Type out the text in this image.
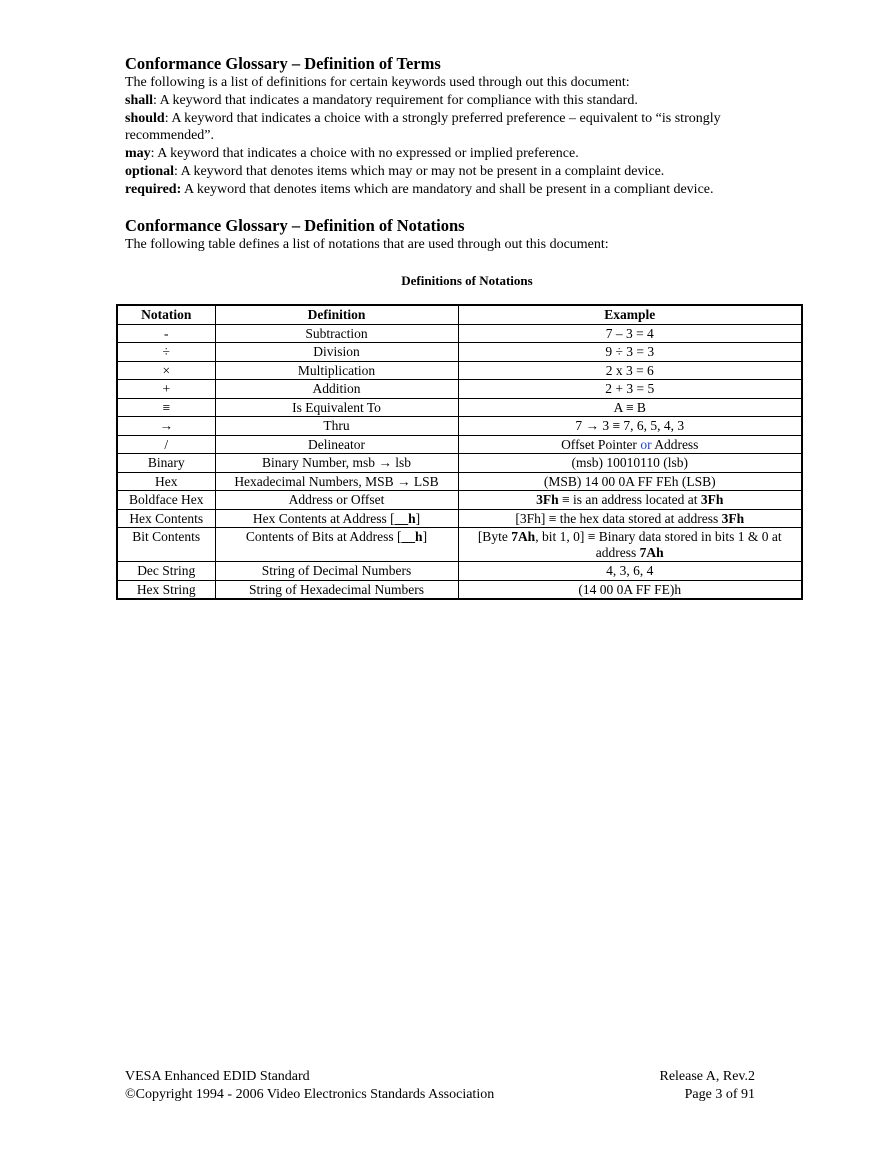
Conformance Glossary – Definition of Terms

The following is a list of definitions for certain keywords used through out this document:

shall: A keyword that indicates a mandatory requirement for compliance with this standard.

should: A keyword that indicates a choice with a strongly preferred preference – equivalent to “is strongly recommended”.

may: A keyword that indicates a choice with no expressed or implied preference.

optional: A keyword that denotes items which may or may not be present in a complaint device.

required: A keyword that denotes items which are mandatory and shall be present in a compliant device.

Conformance Glossary – Definition of Notations

The following table defines a list of notations that are used through out this document:

Definitions of Notations
Notation	Definition	Example
-	Subtraction	7 – 3 = 4
÷	Division	9 ÷ 3 = 3
×	Multiplication	2 x 3 = 6
+	Addition	2 + 3 = 5
≡	Is Equivalent To	A ≡ B
→	Thru	7 → 3 ≡ 7, 6, 5, 4, 3
/	Delineator	Offset Pointer or Address
Binary	Binary Number, msb → lsb	(msb) 10010110 (lsb)
Hex	Hexadecimal Numbers, MSB → LSB	(MSB) 14 00 0A FF FEh (LSB)
Boldface Hex	Address or Offset	3Fh ≡ is an address located at 3Fh
Hex Contents	Hex Contents at Address [__h]	[3Fh] ≡ the hex data stored at address 3Fh
Bit Contents	Contents of Bits at Address [__h]	[Byte 7Ah, bit 1, 0] ≡ Binary data stored in bits 1 & 0 at address 7Ah
Dec String	String of Decimal Numbers	4, 3, 6, 4
Hex String	String of Hexadecimal Numbers	(14 00 0A FF FE)h
VESA Enhanced EDID Standard	Release A, Rev.2
©Copyright 1994 - 2006 Video Electronics Standards Association	Page 3 of 91
